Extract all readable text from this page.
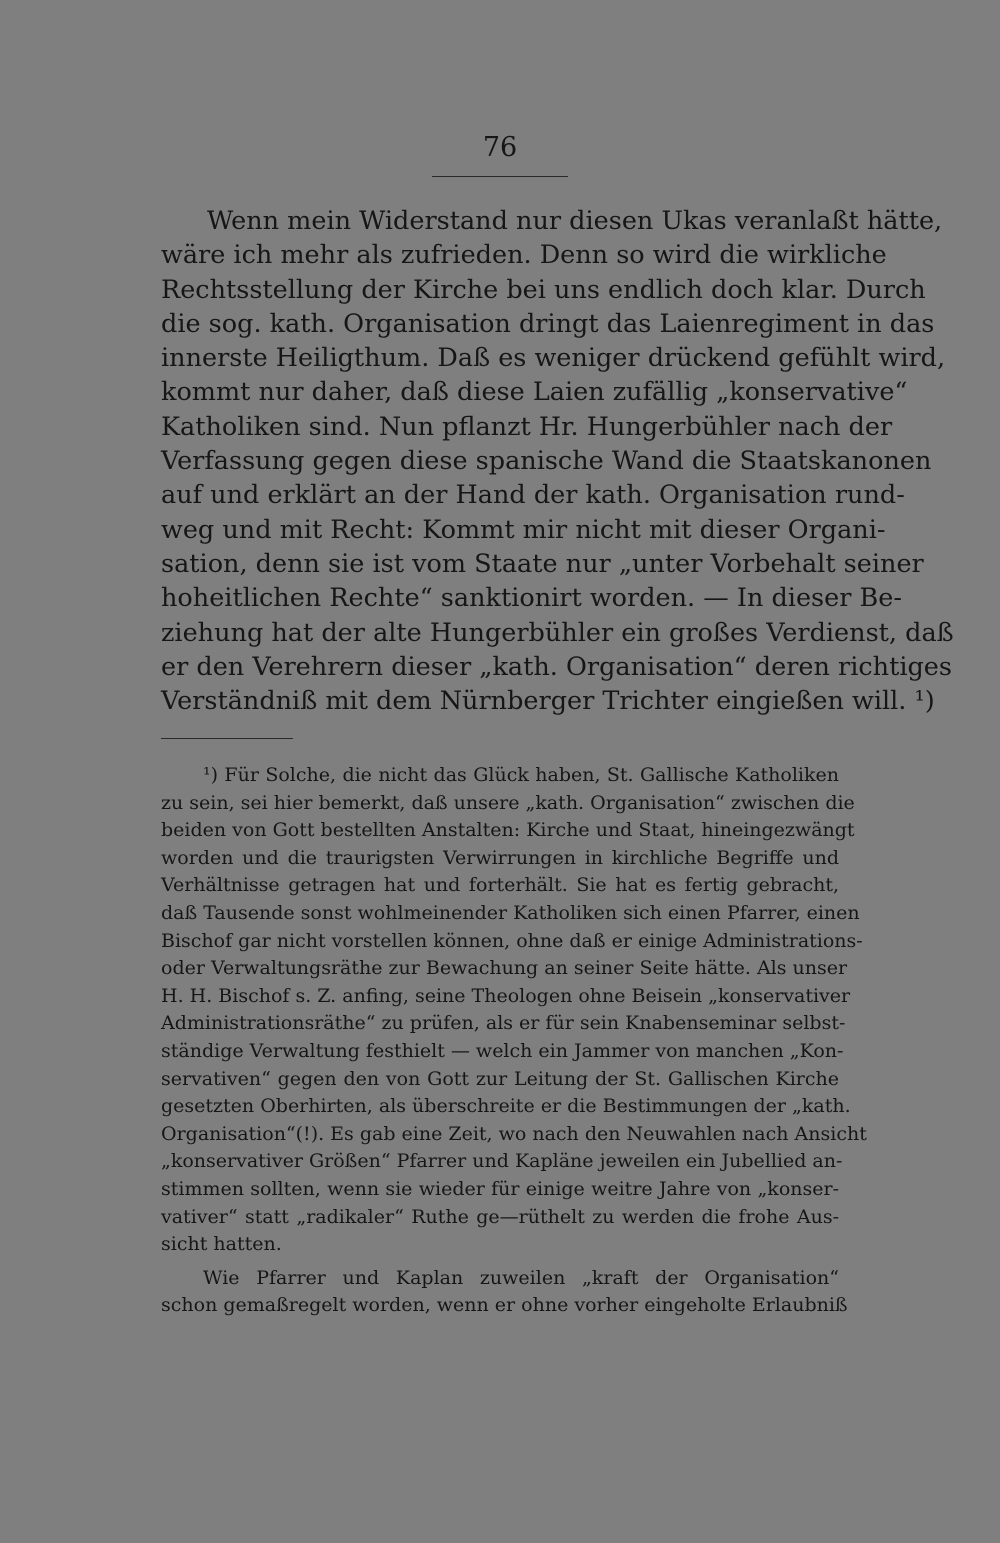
76
Wenn mein Widerstand nur diesen Ukas veranlaßt hätte,
wäre ich mehr als zufrieden. Denn so wird die wirkliche
Rechtsstellung der Kirche bei uns endlich doch klar. Durch
die sog. kath. Organisation dringt das Laienregiment in das
innerste Heiligthum. Daß es weniger drückend gefühlt wird,
kommt nur daher, daß diese Laien zufällig „konservative“
Katholiken sind. Nun pflanzt Hr. Hungerbühler nach der
Verfassung gegen diese spanische Wand die Staatskanonen
auf und erklärt an der Hand der kath. Organisation rund-
weg und mit Recht: Kommt mir nicht mit dieser Organi-
sation, denn sie ist vom Staate nur „unter Vorbehalt seiner
hoheitlichen Rechte“ sanktionirt worden. — In dieser Be-
ziehung hat der alte Hungerbühler ein großes Verdienst, daß
er den Verehrern dieser „kath. Organisation“ deren richtiges
Verständniß mit dem Nürnberger Trichter eingießen will. ¹)
¹) Für Solche, die nicht das Glück haben, St. Gallische Katholiken
zu sein, sei hier bemerkt, daß unsere „kath. Organisation“ zwischen die
beiden von Gott bestellten Anstalten: Kirche und Staat, hineingezwängt
worden und die traurigsten Verwirrungen in kirchliche Begriffe und
Verhältnisse getragen hat und forterhält. Sie hat es fertig gebracht,
daß Tausende sonst wohlmeinender Katholiken sich einen Pfarrer, einen
Bischof gar nicht vorstellen können, ohne daß er einige Administrations-
oder Verwaltungsräthe zur Bewachung an seiner Seite hätte. Als unser
H. H. Bischof s. Z. anfing, seine Theologen ohne Beisein „konservativer
Administrationsräthe“ zu prüfen, als er für sein Knabenseminar selbst-
ständige Verwaltung festhielt — welch ein Jammer von manchen „Kon-
servativen“ gegen den von Gott zur Leitung der St. Gallischen Kirche
gesetzten Oberhirten, als überschreite er die Bestimmungen der „kath.
Organisation“(!). Es gab eine Zeit, wo nach den Neuwahlen nach Ansicht
„konservativer Größen“ Pfarrer und Kapläne jeweilen ein Jubellied an-
stimmen sollten, wenn sie wieder für einige weitre Jahre von „konser-
vativer“ statt „radikaler“ Ruthe ge—rüthelt zu werden die frohe Aus-
sicht hatten.
Wie Pfarrer und Kaplan zuweilen „kraft der Organisation“
schon gemaßregelt worden, wenn er ohne vorher eingeholte Erlaubniß
